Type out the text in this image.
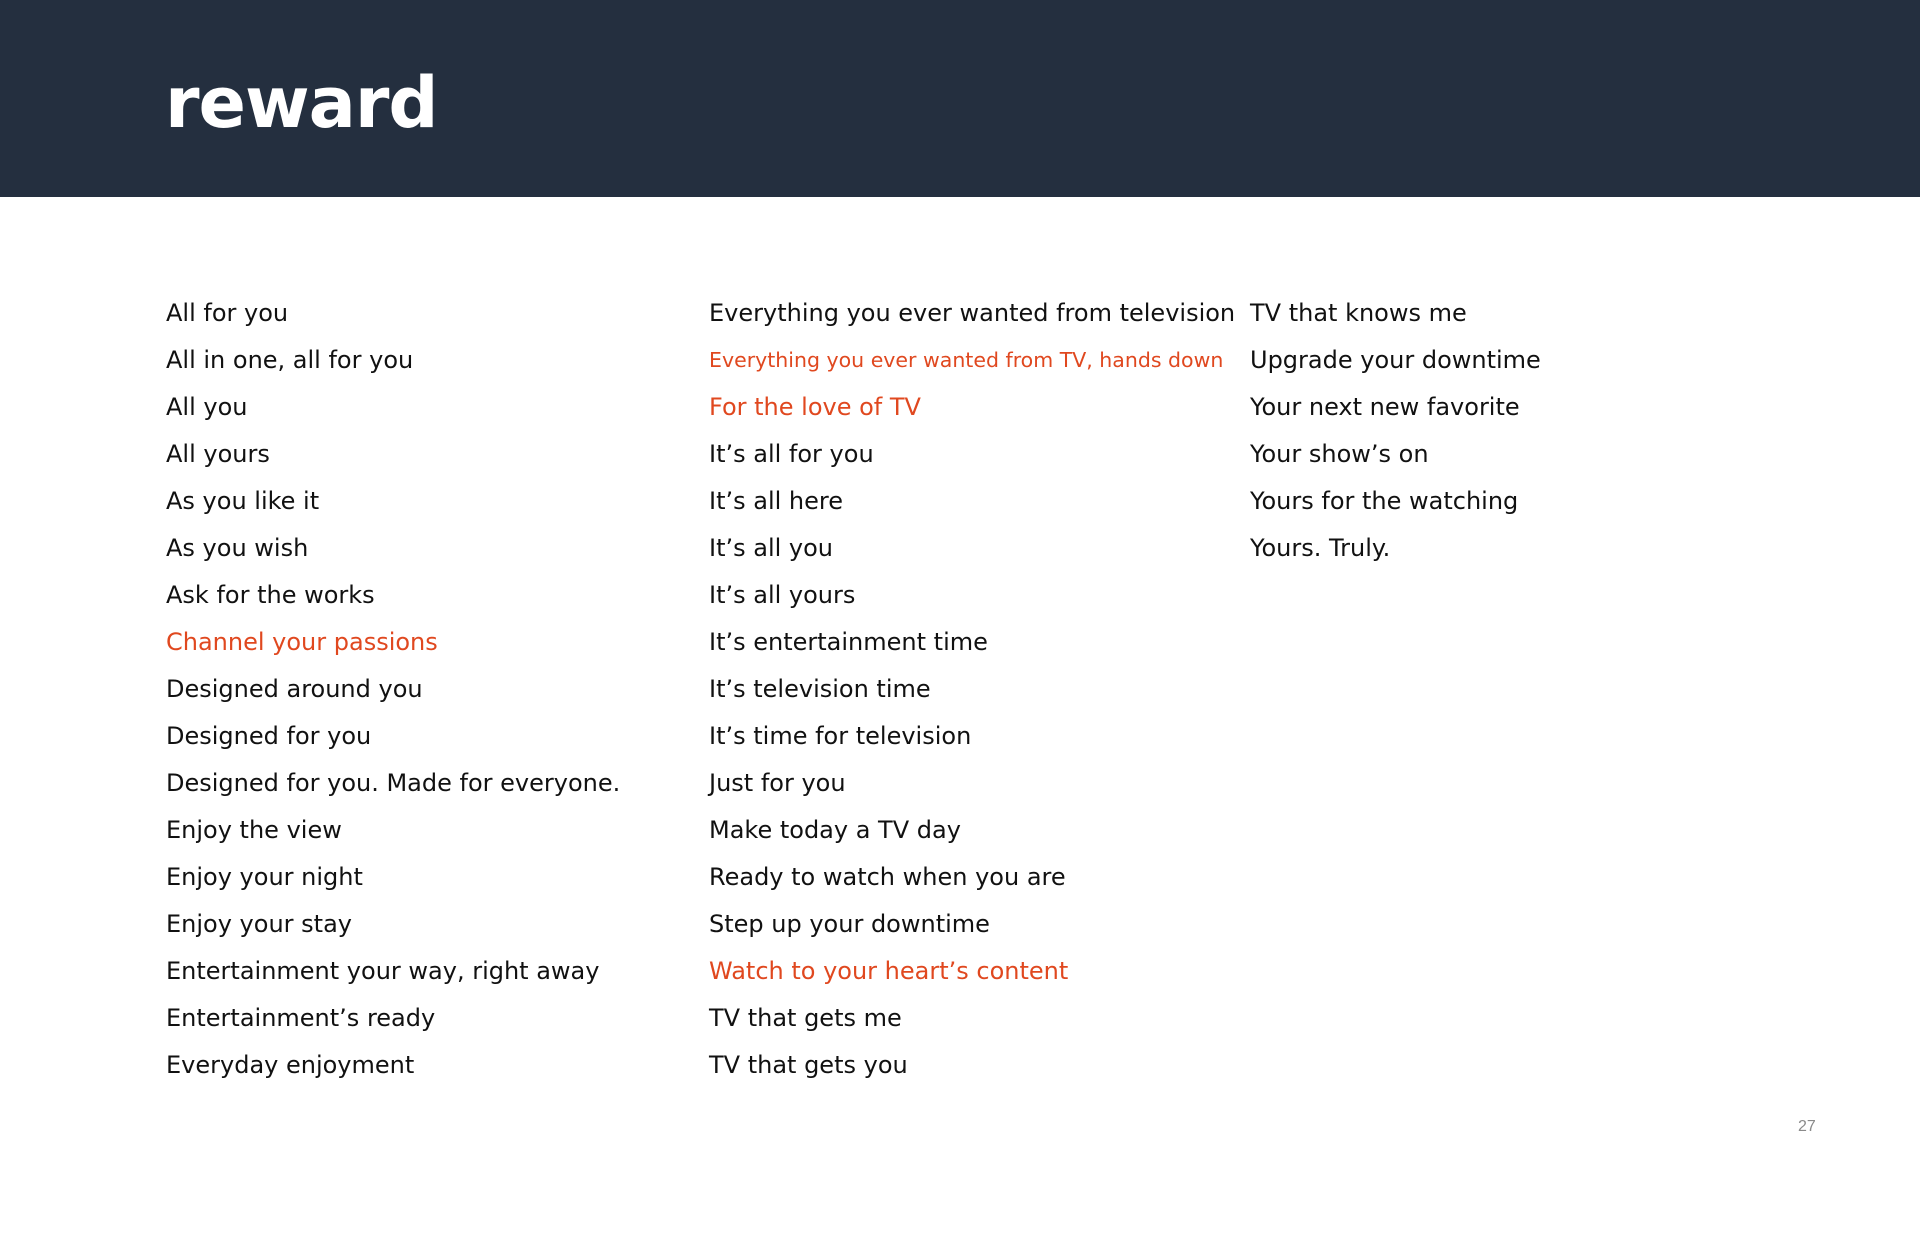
reward
All for you
All in one, all for you
All you
All yours
As you like it
As you wish
Ask for the works
Channel your passions
Designed around you
Designed for you
Designed for you. Made for everyone.
Enjoy the view
Enjoy your night
Enjoy your stay
Entertainment your way, right away
Entertainment’s ready
Everyday enjoyment
Everything you ever wanted from television
Everything you ever wanted from TV, hands down
For the love of TV
It’s all for you
It’s all here
It’s all you
It’s all yours
It’s entertainment time
It’s television time
It’s time for television
Just for you
Make today a TV day
Ready to watch when you are
Step up your downtime
Watch to your heart’s content
TV that gets me
TV that gets you
TV that knows me
Upgrade your downtime
Your next new favorite
Your show’s on
Yours for the watching
Yours. Truly.
27
